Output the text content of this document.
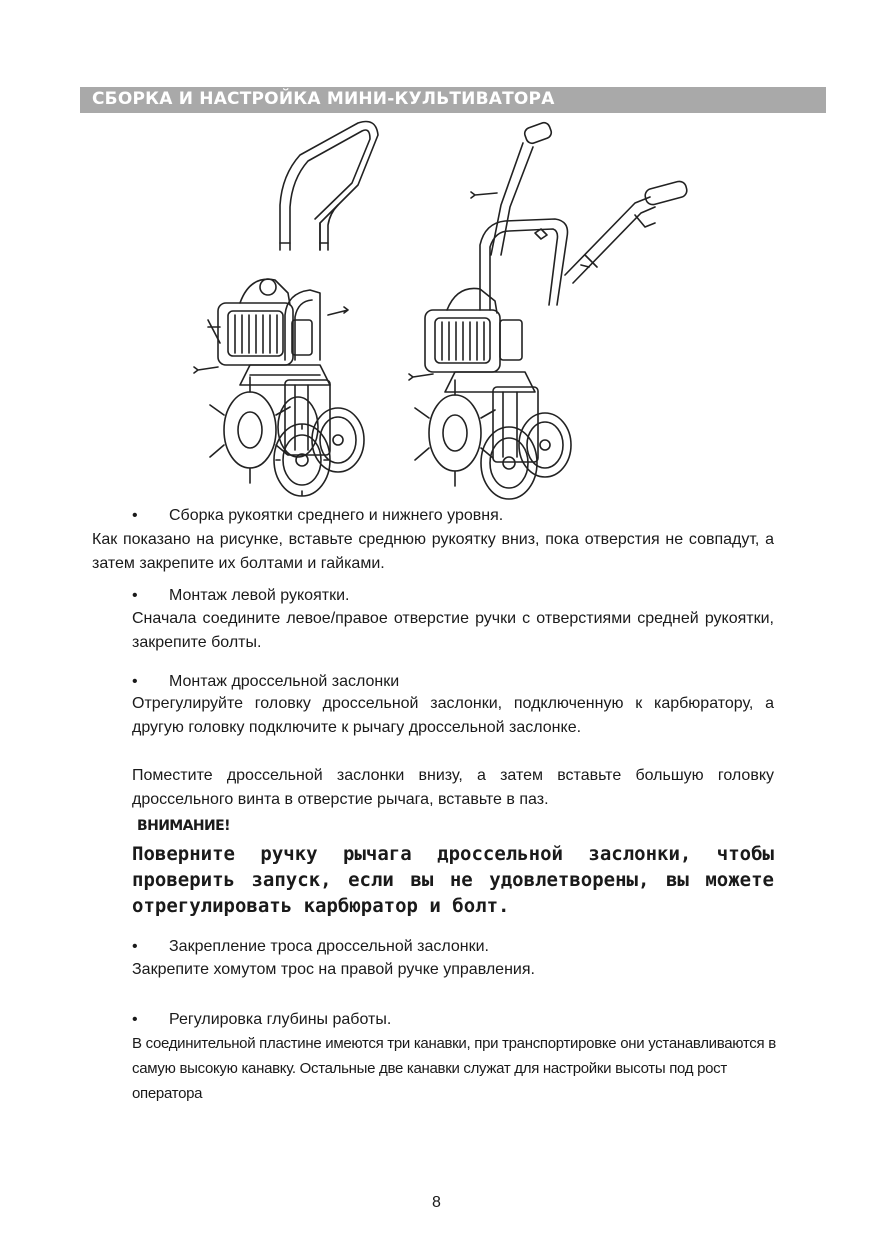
СБОРКА И НАСТРОЙКА МИНИ-КУЛЬТИВАТОРА
• Сборка рукоятки среднего и нижнего уровня.

Как показано на рисунке, вставьте среднюю рукоятку вниз, пока отверстия не совпадут, а затем закрепите их болтами и гайками.

• Монтаж левой рукоятки.

Сначала соедините левое/правое отверстие ручки с отверстиями средней рукоятки, закрепите болты.

• Монтаж дроссельной заслонки

Отрегулируйте головку дроссельной заслонки, подключенную к карбюратору, а другую головку подключите к рычагу дроссельной заслонке.

Поместите дроссельной заслонки внизу, а затем вставьте большую головку дроссельного винта в отверстие рычага, вставьте в паз.

ВНИМАНИЕ!
Поверните ручку рычага дроссельной заслонки, чтобы проверить запуск, если вы не удовлетворены, вы можете отрегулировать карбюратор и болт.
• Закрепление троса дроссельной заслонки.

Закрепите хомутом трос на правой ручке управления.

• Регулировка глубины работы.

В соединительной пластине имеются три канавки, при транспортировке они устанавливаются в самую высокую канавку. Остальные две канавки служат для настройки высоты под рост оператора

8
